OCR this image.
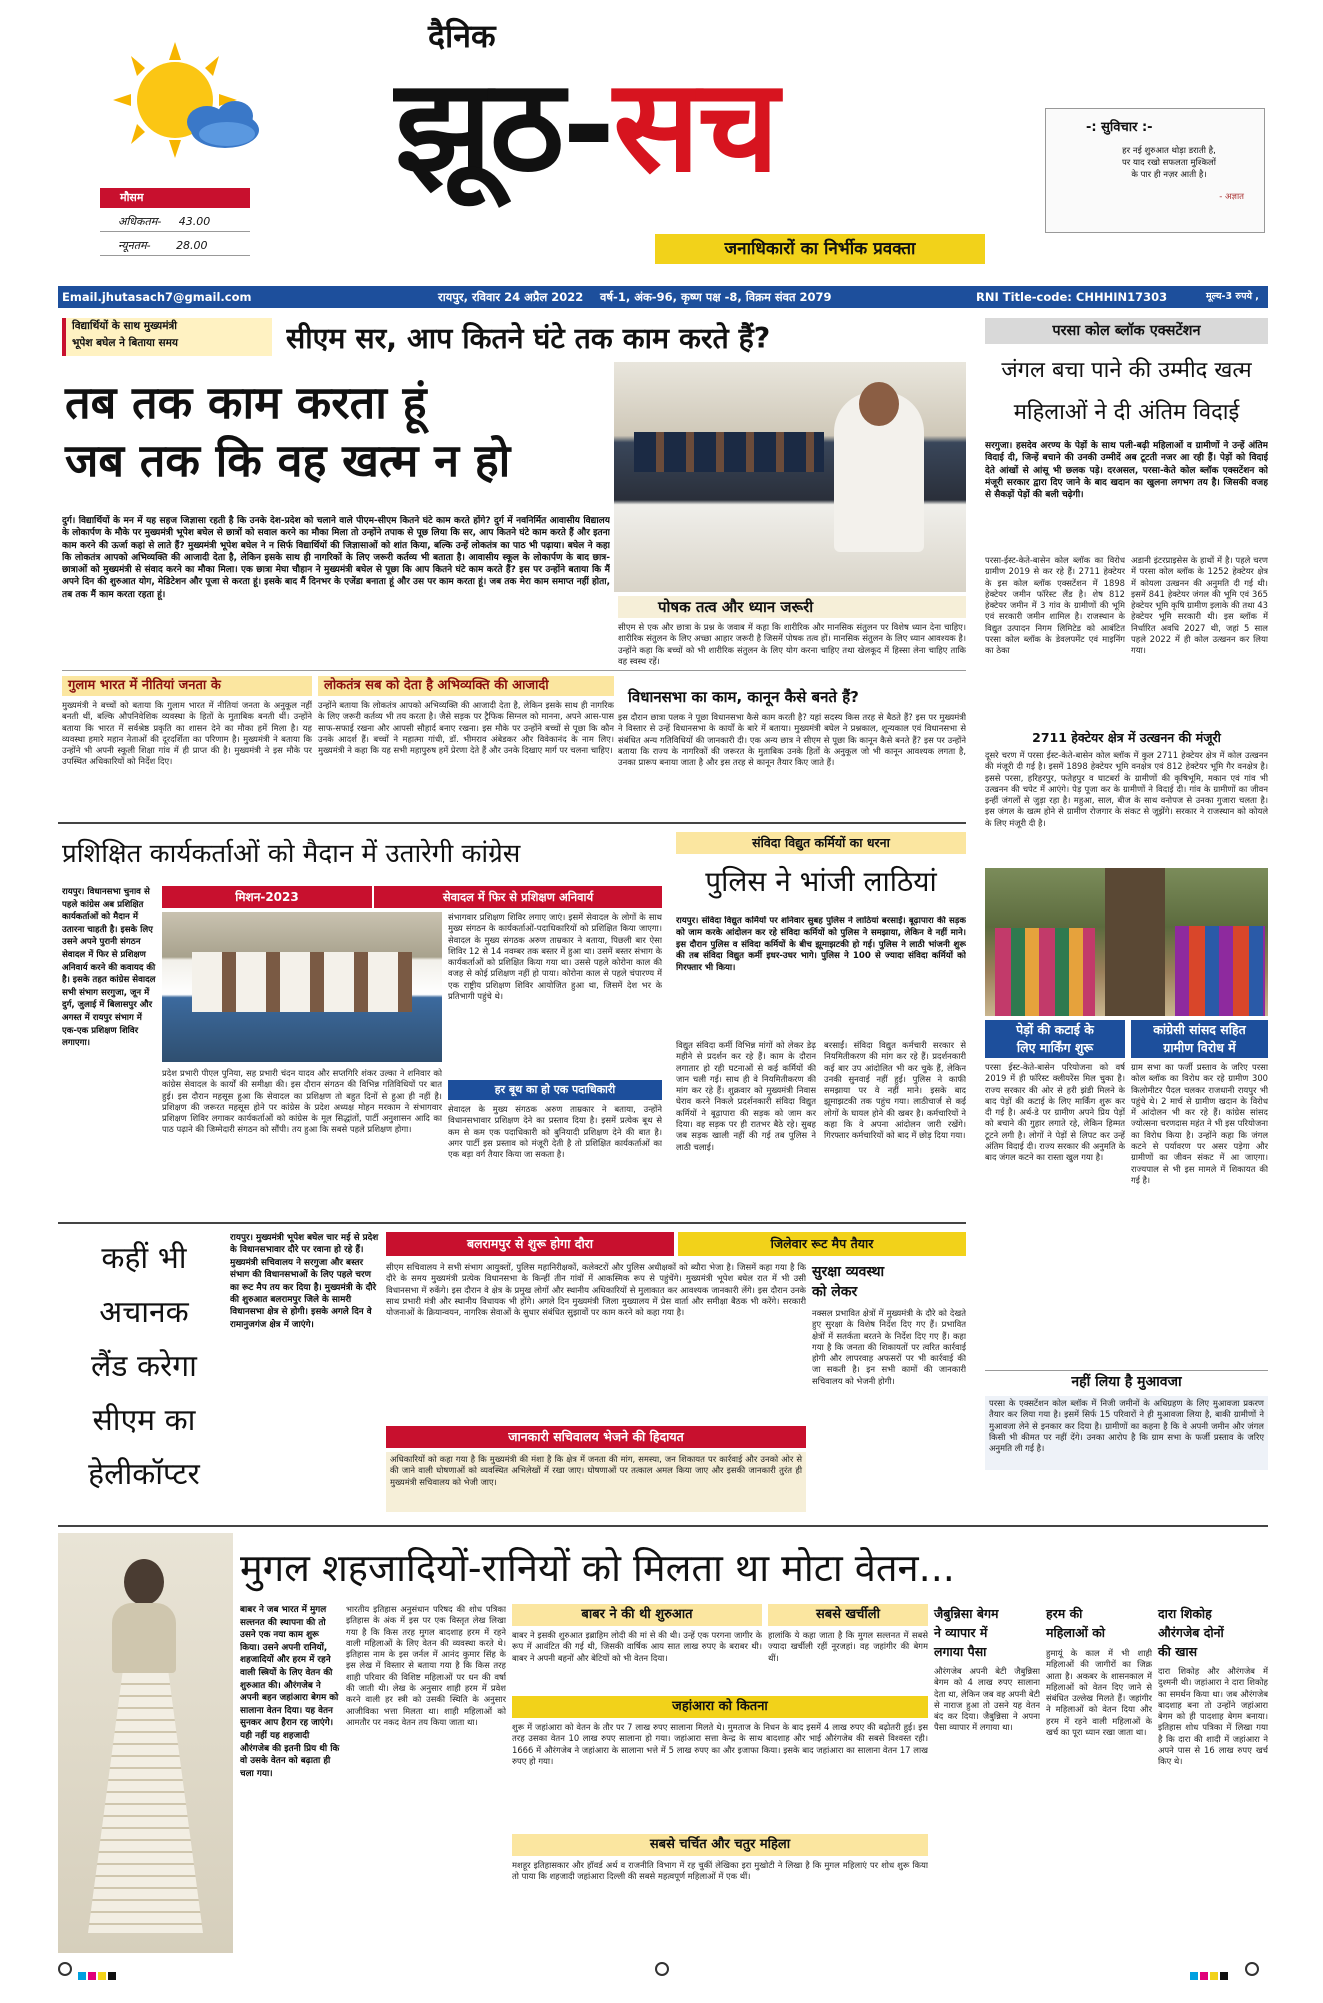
मौसम
अधिकतम- 43.00
न्यूनतम- 28.00
दैनिक
झूठ-सच
जनाधिकारों का निर्भीक प्रवक्ता
-: सुविचार :-
हर नई शुरुआत थोड़ा डराती है,
पर याद रखो सफलता मुश्किलों
के पार ही नज़र आती है।
- अज्ञात
Email.jhutasach7@gmail.com	रायपुर, रविवार 24 अप्रैल 2022 वर्ष-1, अंक-96, कृष्ण पक्ष -8, विक्रम संवत 2079	RNI Title-code: CHHHIN17303	मूल्य-3 रुपये ,
विद्यार्थियों के साथ मुख्यमंत्री
भूपेश बघेल ने बिताया समय	सीएम सर, आप कितने घंटे तक काम करते हैं?
तब तक काम करता हूं
जब तक कि वह खत्म न हो
दुर्ग। विद्यार्थियों के मन में यह सहज जिज्ञासा रहती है कि उनके देश-प्रदेश को चलाने वाले पीएम-सीएम कितने घंटे काम करते होंगे? दुर्ग में नवनिर्मित आवासीय विद्यालय के लोकार्पण के मौके पर मुख्यमंत्री भूपेश बघेल से छात्रों को सवाल करने का मौका मिला तो उन्होंने तपाक से पूछ लिया कि सर, आप कितने घंटे काम करते हैं और इतना काम करने की ऊर्जा कहां से लाते हैं? मुख्यमंत्री भूपेश बघेल ने न सिर्फ विद्यार्थियों की जिज्ञासाओं को शांत किया, बल्कि उन्हें लोकतंत्र का पाठ भी पढ़ाया। बघेल ने कहा कि लोकतंत्र आपको अभिव्यक्ति की आजादी देता है, लेकिन इसके साथ ही नागरिकों के लिए जरूरी कर्तव्य भी बताता है। आवासीय स्कूल के लोकार्पण के बाद छात्र-छात्राओं को मुख्यमंत्री से संवाद करने का मौका मिला। एक छात्रा मेघा चौहान ने मुख्यमंत्री बघेल से पूछा कि आप कितने घंटे काम करते हैं? इस पर उन्होंने बताया कि मैं अपने दिन की शुरुआत योग, मेडिटेशन और पूजा से करता हूं। इसके बाद मैं दिनभर के एजेंडा बनाता हूं और उस पर काम करता हूं। जब तक मेरा काम समाप्त नहीं होता, तब तक मैं काम करता रहता हूं।
गुलाम भारत में नीतियां जनता के
मुख्यमंत्री ने बच्चों को बताया कि गुलाम भारत में नीतियां जनता के अनुकूल नहीं बनती थीं, बल्कि औपनिवेशिक व्यवस्था के हितों के मुताबिक बनती थीं। उन्होंने बताया कि भारत में सर्वश्रेष्ठ प्रकृति का शासन देने का मौका हमें मिला है। यह व्यवस्था हमारे महान नेताओं की दूरदर्शिता का परिणाम है। मुख्यमंत्री ने बताया कि उन्होंने भी अपनी स्कूली शिक्षा गांव में ही प्राप्त की है। मुख्यमंत्री ने इस मौके पर उपस्थित अधिकारियों को निर्देश दिए।
लोकतंत्र सब को देता है अभिव्यक्ति की आजादी
उन्होंने बताया कि लोकतंत्र आपको अभिव्यक्ति की आजादी देता है, लेकिन इसके साथ ही नागरिक के लिए जरूरी कर्तव्य भी तय करता है। जैसे सड़क पर ट्रैफिक सिग्नल को मानना, अपने आस-पास साफ-सफाई रखना और आपसी सौहार्द बनाए रखना। इस मौके पर उन्होंने बच्चों से पूछा कि कौन उनके आदर्श हैं। बच्चों ने महात्मा गांधी, डॉ. भीमराव अंबेडकर और विवेकानंद के नाम लिए। मुख्यमंत्री ने कहा कि यह सभी महापुरुष हमें प्रेरणा देते हैं और उनके दिखाए मार्ग पर चलना चाहिए।
पोषक तत्व और ध्यान जरूरी
सीएम से एक और छात्रा के प्रश्न के जवाब में कहा कि शारीरिक और मानसिक संतुलन पर विशेष ध्यान देना चाहिए। शारीरिक संतुलन के लिए अच्छा आहार जरूरी है जिसमें पोषक तत्व हों। मानसिक संतुलन के लिए ध्यान आवश्यक है। उन्होंने कहा कि बच्चों को भी शारीरिक संतुलन के लिए योग करना चाहिए तथा खेलकूद में हिस्सा लेना चाहिए ताकि वह स्वस्थ रहें।
विधानसभा का काम, कानून कैसे बनते हैं?
इस दौरान छात्रा पलक ने पूछा विधानसभा कैसे काम करती है? यहां सदस्य किस तरह से बैठते हैं? इस पर मुख्यमंत्री ने विस्तार से उन्हें विधानसभा के कार्यों के बारे में बताया। मुख्यमंत्री बघेल ने प्रश्नकाल, शून्यकाल एवं विधानसभा से संबंधित अन्य गतिविधियों की जानकारी दी। एक अन्य छात्र ने सीएम से पूछा कि कानून कैसे बनते हैं? इस पर उन्होंने बताया कि राज्य के नागरिकों की जरूरत के मुताबिक उनके हितों के अनुकूल जो भी कानून आवश्यक लगता है, उनका प्रारूप बनाया जाता है और इस तरह से कानून तैयार किए जाते हैं।
परसा कोल ब्लॉक एक्सटेंशन
जंगल बचा पाने की उम्मीद खत्म
महिलाओं ने दी अंतिम विदाई
सरगुजा। हसदेव अरण्य के पेड़ों के साथ पली-बढ़ी महिलाओं व ग्रामीणों ने उन्हें अंतिम विदाई दी, जिन्हें बचाने की उनकी उम्मीदें अब टूटती नजर आ रही हैं। पेड़ों को विदाई देते आंखों से आंसू भी छलक पड़े। दरअसल, परसा-केते कोल ब्लॉक एक्सटेंशन को मंजूरी सरकार द्वारा दिए जाने के बाद खदान का खुलना लगभग तय है। जिसकी वजह से सैकड़ों पेड़ों की बली चढ़ेगी।
परसा-ईस्ट-केते-बासेन कोल ब्लॉक का विरोध ग्रामीण 2019 से कर रहे हैं। 2711 हेक्टेयर के इस कोल ब्लॉक एक्सटेंशन में 1898 हेक्टेयर जमीन फॉरेस्ट लैंड है। शेष 812 हेक्टेयर जमीन में 3 गांव के ग्रामीणों की भूमि एवं सरकारी जमीन शामिल है। राजस्थान के विद्युत उत्पादन निगम लिमिटेड को आबंटित परसा कोल ब्लॉक के डेवलपमेंट एवं माइनिंग का ठेका
अडानी इंटरप्राइसेस के हाथों में है। पहले चरण में परसा कोल ब्लॉक के 1252 हेक्टेयर क्षेत्र में कोयला उत्खनन की अनुमति दी गई थी। इसमें 841 हेक्टेयर जंगल की भूमि एवं 365 हेक्टेयर भूमि कृषि ग्रामीण इलाके की तथा 43 हेक्टेयर भूमि सरकारी थी। इस ब्लॉक में निर्धारित अवधि 2027 थी, जहां 5 साल पहले 2022 में ही कोल उत्खनन कर लिया गया।
2711 हेक्टेयर क्षेत्र में उत्खनन की मंजूरी
दूसरे चरण में परसा ईस्ट-केते-बासेन कोल ब्लॉक में कुल 2711 हेक्टेयर क्षेत्र में कोल उत्खनन की मंजूरी दी गई है। इसमें 1898 हेक्टेयर भूमि वनक्षेत्र एवं 812 हेक्टेयर भूमि गैर वनक्षेत्र है। इससे परसा, हरिहरपुर, फतेहपुर व घाटबर्रा के ग्रामीणों की कृषिभूमि, मकान एवं गांव भी उत्खनन की चपेट में आएंगे। पेड़ पूजा कर के ग्रामीणों ने विदाई दी। गांव के ग्रामीणों का जीवन इन्हीं जंगलों से जुड़ा रहा है। महुआ, साल, बीज के साथ वनोपज से उनका गुजारा चलता है। इस जंगल के खत्म होने से ग्रामीण रोजगार के संकट से जूझेंगे। सरकार ने राजस्थान को कोयले के लिए मंजूरी दी है।
पेड़ों की कटाई के
लिए मार्किंग शुरू
परसा ईस्ट-केते-बासेन परियोजना को वर्ष 2019 में ही फॉरेस्ट क्लीयरेंस मिल चुका है। राज्य सरकार की ओर से हरी झंडी मिलने के बाद पेड़ों की कटाई के लिए मार्किंग शुरू कर दी गई है। अर्थ-डे पर ग्रामीण अपने प्रिय पेड़ों को बचाने की गुहार लगाते रहे, लेकिन हिम्मत टूटने लगी है। लोगों ने पेड़ों से लिपट कर उन्हें अंतिम विदाई दी। राज्य सरकार की अनुमति के बाद जंगल कटने का रास्ता खुल गया है।
कांग्रेसी सांसद सहित
ग्रामीण विरोध में
ग्राम सभा का फर्जी प्रस्ताव के जरिए परसा कोल ब्लॉक का विरोध कर रहे ग्रामीण 300 किलोमीटर पैदल चलकर राजधानी रायपुर भी पहुंचे थे। 2 मार्च से ग्रामीण खदान के विरोध में आंदोलन भी कर रहे हैं। कांग्रेस सांसद ज्योत्सना चरणदास महंत ने भी इस परियोजना का विरोध किया है। उन्होंने कहा कि जंगल कटने से पर्यावरण पर असर पड़ेगा और ग्रामीणों का जीवन संकट में आ जाएगा। राज्यपाल से भी इस मामले में शिकायत की गई है।
नहीं लिया है मुआवजा
परसा के एक्सटेंशन कोल ब्लॉक में निजी जमीनों के अधिग्रहण के लिए मुआवजा प्रकरण तैयार कर लिया गया है। इसमें सिर्फ 15 परिवारों ने ही मुआवजा लिया है, बाकी ग्रामीणों ने मुआवजा लेने से इनकार कर दिया है। ग्रामीणों का कहना है कि वे अपनी जमीन और जंगल किसी भी कीमत पर नहीं देंगे। उनका आरोप है कि ग्राम सभा के फर्जी प्रस्ताव के जरिए अनुमति ली गई है।
प्रशिक्षित कार्यकर्ताओं को मैदान में उतारेगी कांग्रेस
रायपुर। विधानसभा चुनाव से पहले कांग्रेस अब प्रशिक्षित कार्यकर्ताओं को मैदान में उतारना चाहती है। इसके लिए उसने अपने पुरानी संगठन सेवादल में फिर से प्रशिक्षण अनिवार्य करने की कवायद की है। इसके तहत कांग्रेस सेवादल सभी संभाग सरगुजा, जून में दुर्ग, जुलाई में बिलासपुर और अगस्त में रायपुर संभाग में एक-एक प्रशिक्षण शिविर लगाएगा।
मिशन-2023	सेवादल में फिर से प्रशिक्षण अनिवार्य
प्रदेश प्रभारी पीएल पुनिया, सह प्रभारी चंदन यादव और सप्तगिरि शंकर उल्का ने शनिवार को कांग्रेस सेवादल के कार्यों की समीक्षा की। इस दौरान संगठन की विभिन्न गतिविधियों पर बात हुई। इस दौरान महसूस हुआ कि सेवादल का प्रशिक्षण तो बहुत दिनों से हुआ ही नहीं है। प्रशिक्षण की जरूरत महसूस होने पर कांग्रेस के प्रदेश अध्यक्ष मोहन मरकाम ने संभागवार प्रशिक्षण शिविर लगाकर कार्यकर्ताओं को कांग्रेस के मूल सिद्धांतों, पार्टी अनुशासन आदि का पाठ पढ़ाने की जिम्मेदारी संगठन को सौंपी। तय हुआ कि सबसे पहले प्रशिक्षण होगा।
संभागवार प्रशिक्षण शिविर लगाए जाएं। इसमें सेवादल के लोगों के साथ मुख्य संगठन के कार्यकर्ताओं-पदाधिकारियों को प्रशिक्षित किया जाएगा। सेवादल के मुख्य संगठक अरुण ताम्रकार ने बताया, पिछली बार ऐसा शिविर 12 से 14 नवम्बर तक बस्तर में हुआ था। उसमें बस्तर संभाग के कार्यकर्ताओं को प्रशिक्षित किया गया था। उससे पहले कोरोना काल की वजह से कोई प्रशिक्षण नहीं हो पाया। कोरोना काल से पहले चंपारण्य में एक राष्ट्रीय प्रशिक्षण शिविर आयोजित हुआ था, जिसमें देश भर के प्रतिभागी पहुंचे थे।
हर बूथ का हो एक पदाधिकारी
सेवादल के मुख्य संगठक अरुण ताम्रकार ने बताया, उन्होंने विधानसभावार प्रशिक्षण देने का प्रस्ताव दिया है। इसमें प्रत्येक बूथ से कम से कम एक पदाधिकारी को बुनियादी प्रशिक्षण देने की बात है। अगर पार्टी इस प्रस्ताव को मंजूरी देती है तो प्रशिक्षित कार्यकर्ताओं का एक बड़ा वर्ग तैयार किया जा सकता है।
संविदा विद्युत कर्मियों का धरना
पुलिस ने भांजी लाठियां
रायपुर। संविदा विद्युत कर्मियों पर शनिवार सुबह पुलिस ने लाठियां बरसाईं। बूढ़ापारा की सड़क को जाम करके आंदोलन कर रहे संविदा कर्मियों को पुलिस ने समझाया, लेकिन वे नहीं माने। इस दौरान पुलिस व संविदा कर्मियों के बीच झूमाझटकी हो गई। पुलिस ने लाठी भांजनी शुरू की तब संविदा विद्युत कर्मी इधर-उधर भागे। पुलिस ने 100 से ज्यादा संविदा कर्मियों को गिरफ्तार भी किया।
विद्युत संविदा कर्मी विभिन्न मांगों को लेकर डेढ़ महीने से प्रदर्शन कर रहे हैं। काम के दौरान लगातार हो रही घटनाओं से कई कर्मियों की जान चली गई। साथ ही वे नियमितीकरण की मांग कर रहे हैं। शुक्रवार को मुख्यमंत्री निवास घेराव करने निकले प्रदर्शनकारी संविदा विद्युत कर्मियों ने बूढ़ापारा की सड़क को जाम कर दिया। वह सड़क पर ही रातभर बैठे रहे। सुबह जब सड़क खाली नहीं की गई तब पुलिस ने लाठी चलाई।
बरसाईं। संविदा विद्युत कर्मचारी सरकार से नियमितीकरण की मांग कर रहे हैं। प्रदर्शनकारी कई बार उप आंदोलित भी कर चुके हैं, लेकिन उनकी सुनवाई नहीं हुई। पुलिस ने काफी समझाया पर वे नहीं माने। इसके बाद झूमाझटकी तक पहुंच गया। लाठीचार्ज से कई लोगों के घायल होने की खबर है। कर्मचारियों ने कहा कि वे अपना आंदोलन जारी रखेंगे। गिरफ्तार कर्मचारियों को बाद में छोड़ दिया गया।
कहीं भी
अचानक
लैंड करेगा
सीएम का
हेलीकॉप्टर
रायपुर। मुख्यमंत्री भूपेश बघेल चार मई से प्रदेश के विधानसभावार दौरे पर रवाना हो रहे हैं। मुख्यमंत्री सचिवालय ने सरगुजा और बस्तर संभाग की विधानसभाओं के लिए पहले चरण का रूट मैप तय कर दिया है। मुख्यमंत्री के दौरे की शुरुआत बलरामपुर जिले के सामरी विधानसभा क्षेत्र से होगी। इसके अगले दिन वे रामानुजगंज क्षेत्र में जाएंगे।
बलरामपुर से शुरू होगा दौरा	जिलेवार रूट मैप तैयार
सीएम सचिवालय ने सभी संभाग आयुक्तों, पुलिस महानिरीक्षकों, कलेक्टरों और पुलिस अधीक्षकों को ब्यौरा भेजा है। जिसमें कहा गया है कि दौरे के समय मुख्यमंत्री प्रत्येक विधानसभा के किन्हीं तीन गांवों में आकस्मिक रूप से पहुंचेंगे। मुख्यमंत्री भूपेश बघेल रात में भी उसी विधानसभा में रुकेंगे। इस दौरान वे क्षेत्र के प्रमुख लोगों और स्थानीय अधिकारियों से मुलाकात कर आवश्यक जानकारी लेंगे। इस दौरान उनके साथ प्रभारी मंत्री और स्थानीय विधायक भी होंगे। अगले दिन मुख्यमंत्री जिला मुख्यालय में प्रेस वार्ता और समीक्षा बैठक भी करेंगे। सरकारी योजनाओं के क्रियान्वयन, नागरिक सेवाओं के सुधार संबंधित सुझावों पर काम करने को कहा गया है।
जानकारी सचिवालय भेजने की हिदायत
अधिकारियों को कहा गया है कि मुख्यमंत्री की मंशा है कि क्षेत्र में जनता की मांग, समस्या, जन शिकायत पर कार्रवाई और उनको ओर से की जाने वाली घोषणाओं को व्यवस्थित अभिलेखों में रखा जाए। घोषणाओं पर तत्काल अमल किया जाए और इसकी जानकारी तुरंत ही मुख्यमंत्री सचिवालय को भेजी जाए।
सुरक्षा व्यवस्था
को लेकर
नक्सल प्रभावित क्षेत्रों में मुख्यमंत्री के दौरे को देखते हुए सुरक्षा के विशेष निर्देश दिए गए हैं। प्रभावित क्षेत्रों में सतर्कता बरतने के निर्देश दिए गए हैं। कहा गया है कि जनता की शिकायतों पर त्वरित कार्रवाई होगी और लापरवाह अफसरों पर भी कार्रवाई की जा सकती है। इन सभी कामों की जानकारी सचिवालय को भेजनी होगी।
मुगल शहजादियों-रानियों को मिलता था मोटा वेतन...
बाबर ने जब भारत में मुगल सल्तनत की स्थापना की तो उसने एक नया काम शुरू किया। उसने अपनी रानियों, शहजादियों और हरम में रहने वाली स्त्रियों के लिए वेतन की शुरुआत की। औरंगजेब ने अपनी बहन जहांआरा बेगम को सालाना वेतन दिया। यह वेतन सुनकर आप हैरान रह जाएंगे। यही नहीं यह शहजादी औरंगजेब की इतनी प्रिय थी कि वो उसके वेतन को बढ़ाता ही चला गया।
भारतीय इतिहास अनुसंधान परिषद की शोध पत्रिका इतिहास के अंक में इस पर एक विस्तृत लेख लिखा गया है कि किस तरह मुगल बादशाह हरम में रहने वाली महिलाओं के लिए वेतन की व्यवस्था करते थे। इतिहास नाम के इस जर्नल में आनंद कुमार सिंह के इस लेख में विस्तार से बताया गया है कि किस तरह शाही परिवार की विशिष्ट महिलाओं पर धन की वर्षा की जाती थी। लेख के अनुसार शाही हरम में प्रवेश करने वाली हर स्त्री को उसकी स्थिति के अनुसार आजीविका भत्ता मिलता था। शाही महिलाओं को आमतौर पर नकद वेतन तय किया जाता था।
बाबर ने की थी शुरुआत
बाबर ने इसकी शुरुआत इब्राहिम लोदी की मां से की थी। उन्हें एक परगना जागीर के रूप में आवंटित की गई थी, जिसकी वार्षिक आय सात लाख रुपए के बराबर थी। बाबर ने अपनी बहनों और बेटियों को भी वेतन दिया।
सबसे खर्चीली
हालांकि ये कहा जाता है कि मुगल सल्तनत में सबसे ज्यादा खर्चीली रहीं नूरजहां। वह जहांगीर की बेगम थीं।
जहांआरा को कितना
शुरू में जहांआरा को वेतन के तौर पर 7 लाख रुपए सालाना मिलते थे। मुमताज के निधन के बाद इसमें 4 लाख रुपए की बढ़ोतरी हुई। इस तरह उसका वेतन 10 लाख रुपए सालाना हो गया। जहांआरा सत्ता केन्द्र के साथ बादशाह और भाई औरंगजेब की सबसे विश्वस्त रही। 1666 में औरंगजेब ने जहांआरा के सालाना भत्ते में 5 लाख रुपए का और इजाफा किया। इसके बाद जहांआरा का सालाना वेतन 17 लाख रुपए हो गया।
सबसे चर्चित और चतुर महिला
मशहूर इतिहासकार और हॉवर्ड अर्थ व राजनीति विभाग में रह चुकीं लेखिका इरा मुखोटी ने लिखा है कि मुगल महिलाएं पर शोध शुरू किया तो पाया कि शहजादी जहांआरा दिल्ली की सबसे महत्वपूर्ण महिलाओं में एक थीं।
जैबुन्निसा बेगम
ने व्यापार में
लगाया पैसा
औरंगजेब अपनी बेटी जैबुन्निसा बेगम को 4 लाख रुपए सालाना देता था, लेकिन जब वह अपनी बेटी से नाराज हुआ तो उसने यह वेतन बंद कर दिया। जैबुन्निसा ने अपना पैसा व्यापार में लगाया था।
हरम की
महिलाओं को
हुमायूं के काल में भी शाही महिलाओं की जागीरों का जिक्र आता है। अकबर के शासनकाल में महिलाओं को वेतन दिए जाने से संबंधित उल्लेख मिलते हैं। जहांगीर ने महिलाओं को वेतन दिया और हरम में रहने वाली महिलाओं के खर्च का पूरा ध्यान रखा जाता था।
दारा शिकोह
औरंगजेब दोनों
की खास
दारा शिकोह और औरंगजेब में दुश्मनी थी। जहांआरा ने दारा शिकोह का समर्थन किया था। जब औरंगजेब बादशाह बना तो उन्होंने जहांआरा बेगम को ही पादशाह बेगम बनाया। इतिहास शोध पत्रिका में लिखा गया है कि दारा की शादी में जहांआरा ने अपने पास से 16 लाख रुपए खर्च किए थे।
